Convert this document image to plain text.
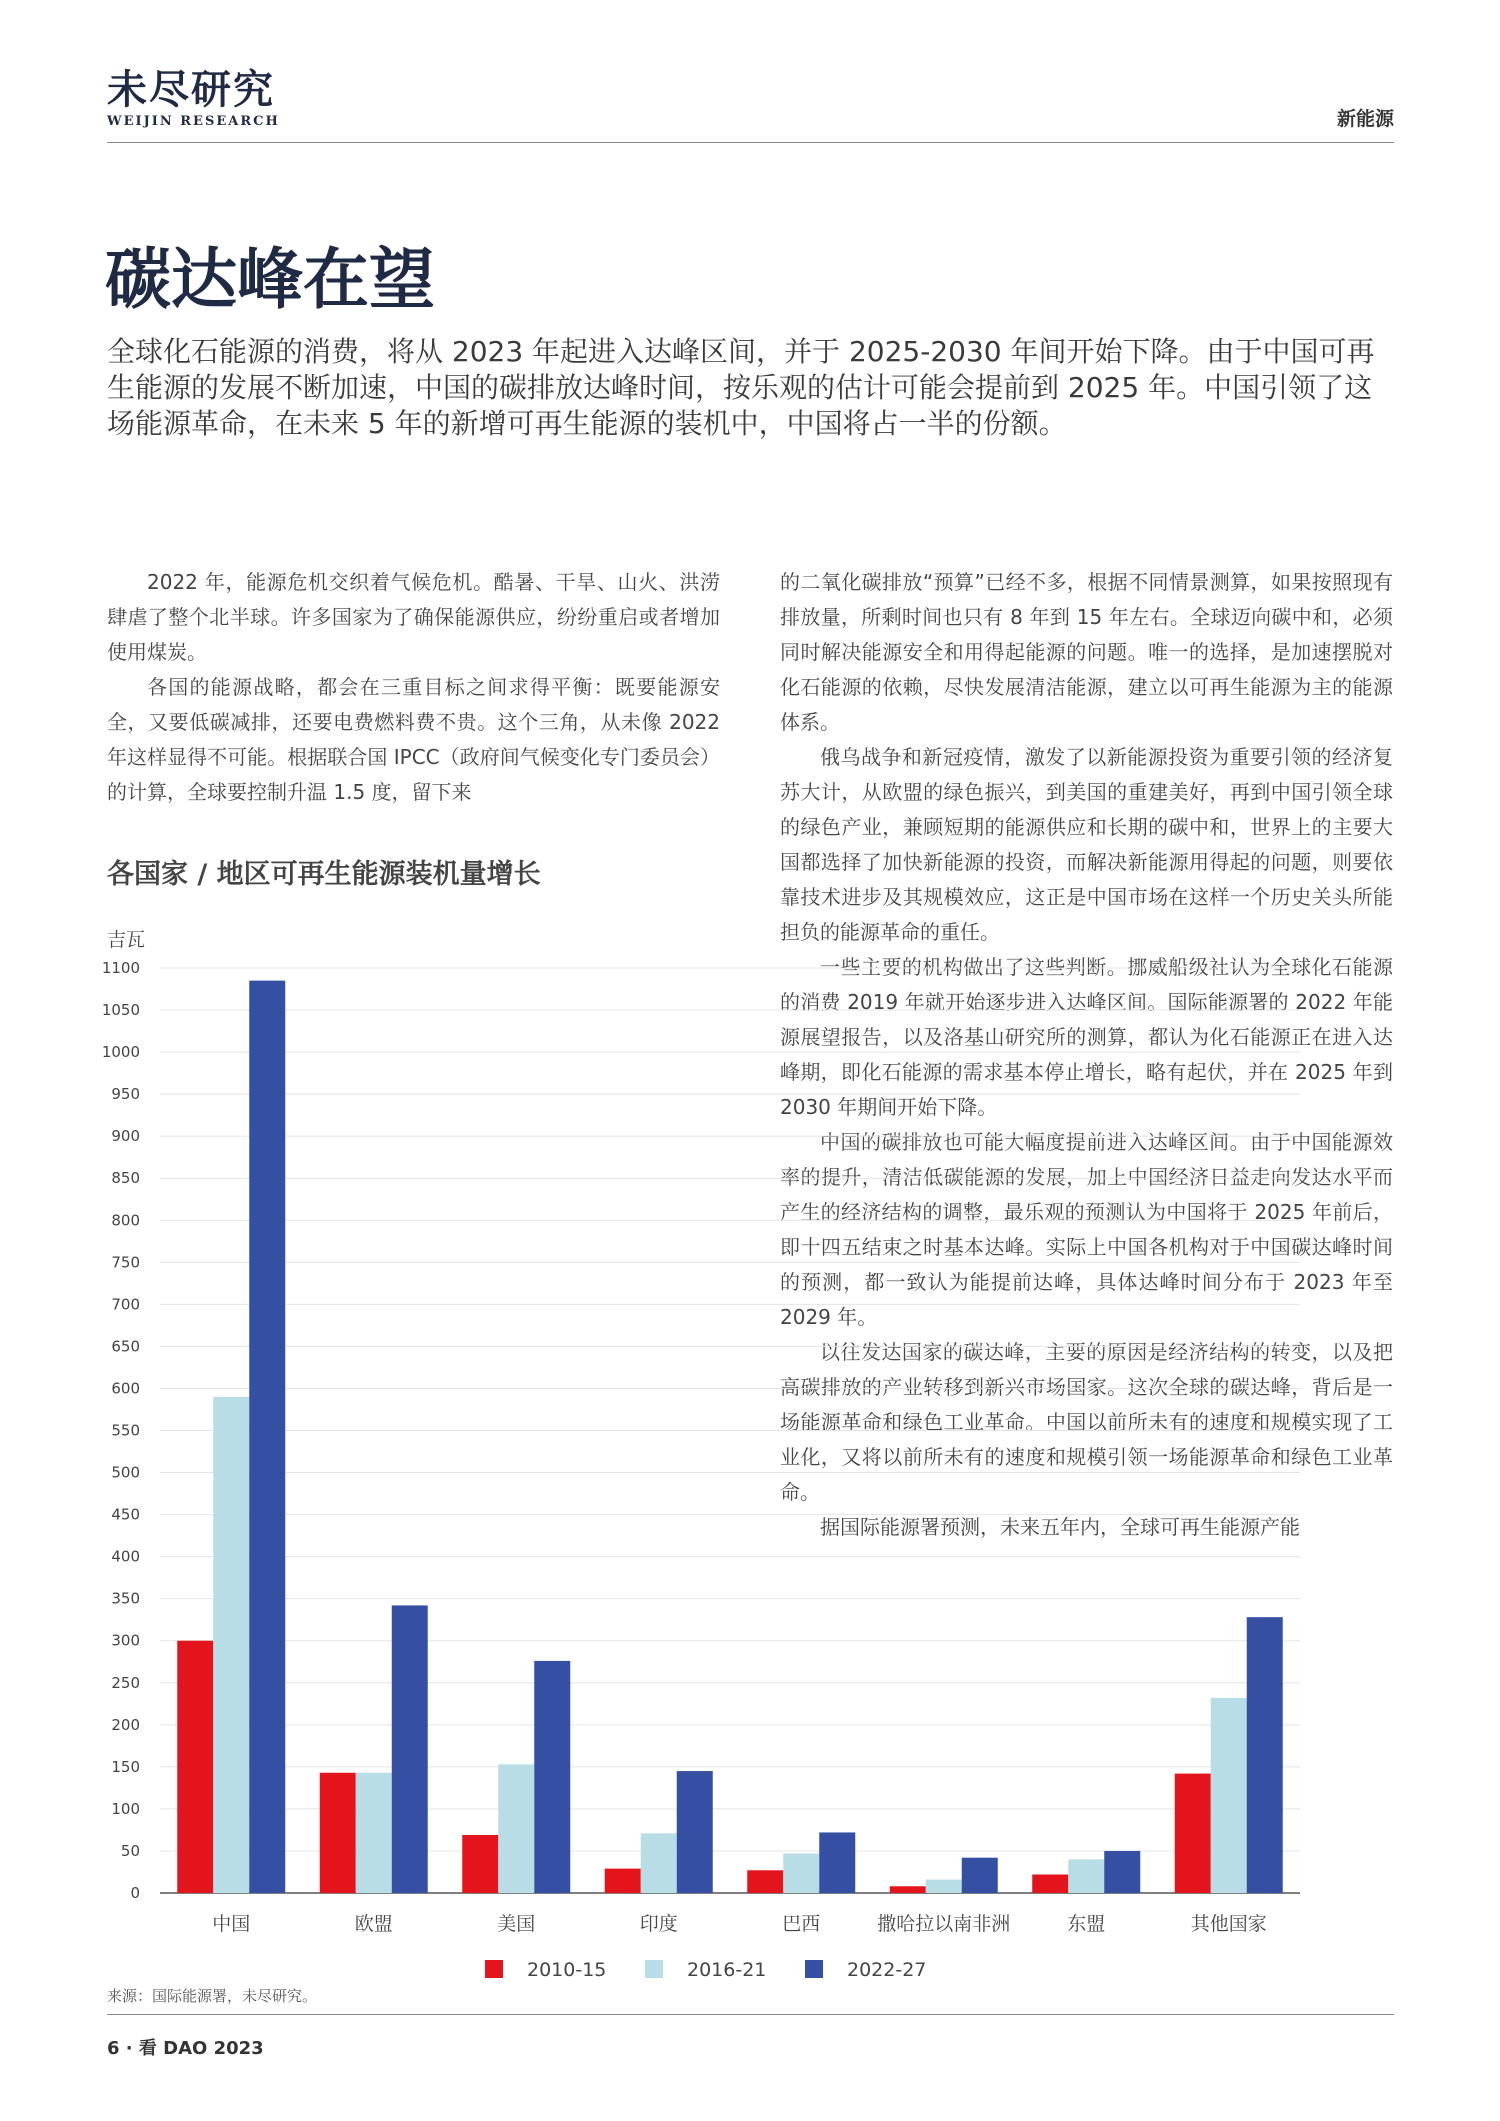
未尽研究
WEIJIN RESEARCH	新能源
碳达峰在望

全球化石能源的消费，将从 2023 年起进入达峰区间，并于 2025-2030 年间开始下降。由于中国可再生能源的发展不断加速，中国的碳排放达峰时间，按乐观的估计可能会提前到 2025 年。中国引领了这场能源革命，在未来 5 年的新增可再生能源的装机中，中国将占一半的份额。

2022 年，能源危机交织着气候危机。酷暑、干旱、山火、洪涝肆虐了整个北半球。许多国家为了确保能源供应，纷纷重启或者增加使用煤炭。

各国的能源战略，都会在三重目标之间求得平衡：既要能源安全，又要低碳减排，还要电费燃料费不贵。这个三角，从未像 2022 年这样显得不可能。根据联合国 IPCC（政府间气候变化专门委员会）的计算，全球要控制升温 1.5 度，留下来

的二氧化碳排放“预算”已经不多，根据不同情景测算，如果按照现有排放量，所剩时间也只有 8 年到 15 年左右。全球迈向碳中和，必须同时解决能源安全和用得起能源的问题。唯一的选择，是加速摆脱对化石能源的依赖，尽快发展清洁能源，建立以可再生能源为主的能源体系。

俄乌战争和新冠疫情，激发了以新能源投资为重要引领的经济复苏大计，从欧盟的绿色振兴，到美国的重建美好，再到中国引领全球的绿色产业，兼顾短期的能源供应和长期的碳中和，世界上的主要大国都选择了加快新能源的投资，而解决新能源用得起的问题，则要依靠技术进步及其规模效应，这正是中国市场在这样一个历史关头所能担负的能源革命的重任。

一些主要的机构做出了这些判断。挪威船级社认为全球化石能源的消费 2019 年就开始逐步进入达峰区间。国际能源署的 2022 年能源展望报告，以及洛基山研究所的测算，都认为化石能源正在进入达峰期，即化石能源的需求基本停止增长，略有起伏，并在 2025 年到 2030 年期间开始下降。

中国的碳排放也可能大幅度提前进入达峰区间。由于中国能源效率的提升，清洁低碳能源的发展，加上中国经济日益走向发达水平而产生的经济结构的调整，最乐观的预测认为中国将于 2025 年前后，即十四五结束之时基本达峰。实际上中国各机构对于中国碳达峰时间的预测，都一致认为能提前达峰，具体达峰时间分布于 2023 年至 2029 年。

以往发达国家的碳达峰，主要的原因是经济结构的转变，以及把高碳排放的产业转移到新兴市场国家。这次全球的碳达峰，背后是一场能源革命和绿色工业革命。中国以前所未有的速度和规模实现了工业化，又将以前所未有的速度和规模引领一场能源革命和绿色工业革命。

据国际能源署预测，未来五年内，全球可再生能源产能

各国家 / 地区可再生能源装机量增长
吉瓦
0
50
100
150
200
250
300
350
400
450
500
550
600
650
700
750
800
850
900
950
1000
1050
1100
中国	欧盟	美国	印度	巴西	撒哈拉以南非洲	东盟	其他国家
2010-15	2016-21	2022-27
来源：国际能源署，未尽研究。
6 · 看 DAO 2023
